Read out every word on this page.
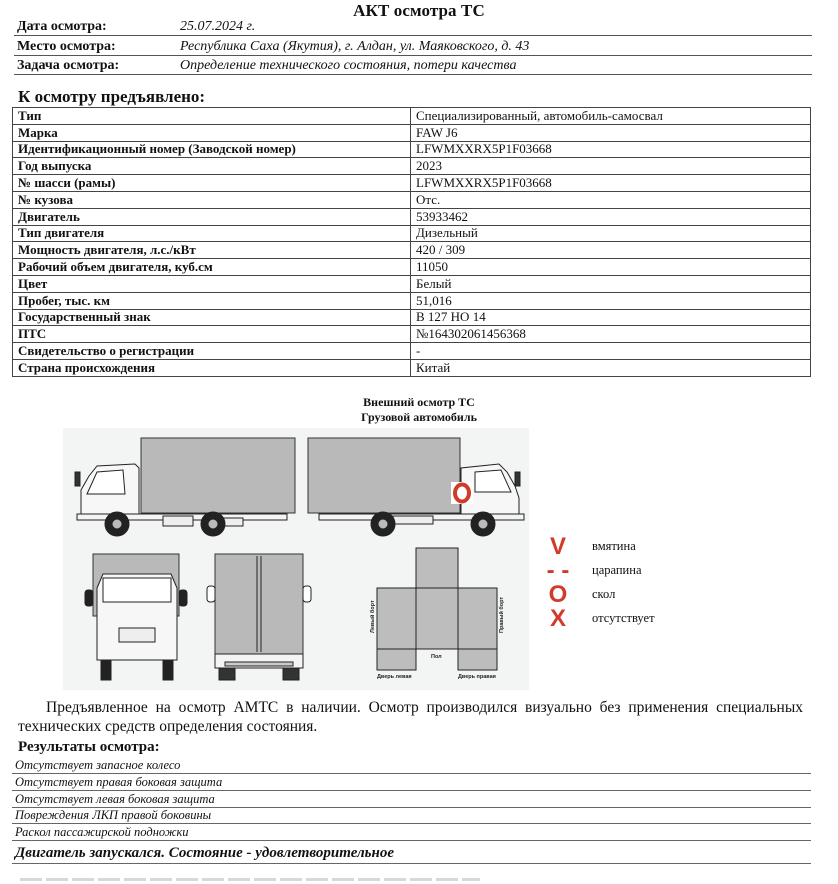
АКТ осмотра ТС
Дата осмотра:	25.07.2024 г.
Место осмотра:	Республика Саха (Якутия), г. Алдан, ул. Маяковского, д. 43
Задача осмотра:	Определение технического состояния, потери качества
К осмотру предъявлено:
Тип	Специализированный, автомобиль-самосвал
Марка	FAW J6
Идентификационный номер (Заводской номер)	LFWMXXRX5P1F03668
Год выпуска	2023
№ шасси (рамы)	LFWMXXRX5P1F03668
№ кузова	Отс.
Двигатель	53933462
Тип двигателя	Дизельный
Мощность двигателя, л.с./кВт	420 / 309
Рабочий объем двигателя, куб.см	11050
Цвет	Белый
Пробег, тыс. км	51,016
Государственный знак	В 127 НО 14
ПТС	№164302061456368
Свидетельство о регистрации	-
Страна происхождения	Китай
Внешний осмотр ТС
Грузовой автомобиль
Левый борт	Правый борт
Пол
Дверь левая	Дверь правая
V	вмятина
- - царапина
O	скол
X	отсутствует
Предъявленное на осмотр АМТС в наличии. Осмотр производился визуально без применения специальных технических средств определения состояния.
Результаты осмотра:
Отсутствует запасное колесо
Отсутствует правая боковая защита
Отсутствует левая боковая защита
Повреждения ЛКП правой боковины
Раскол пассажирской подножки
Двигатель запускался. Состояние - удовлетворительное
